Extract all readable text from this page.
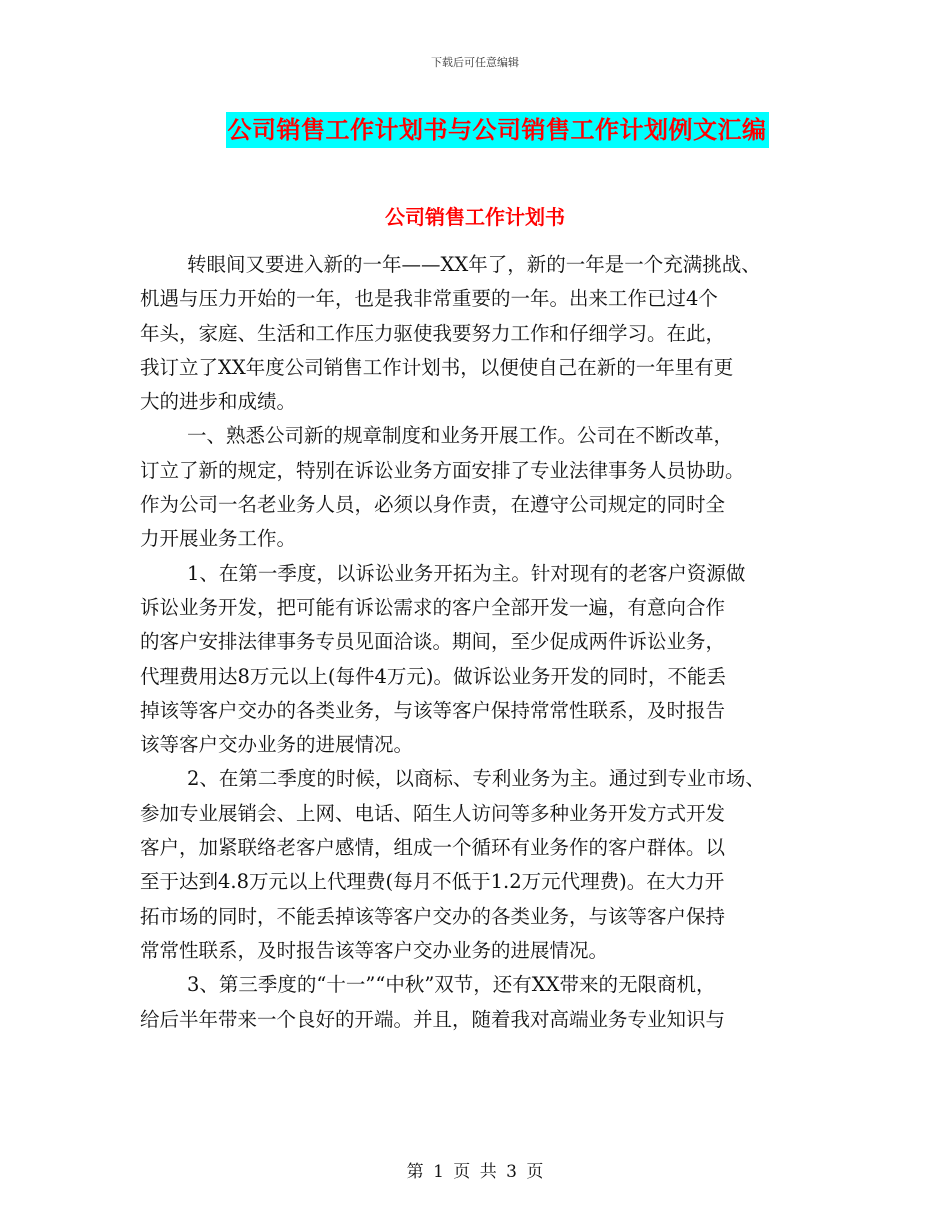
下载后可任意编辑
公司销售工作计划书与公司销售工作计划例文汇编
公司销售工作计划书

转眼间又要进入新的一年——XX年了，新的一年是一个充满挑战、
机遇与压力开始的一年，也是我非常重要的一年。出来工作已过4个
年头，家庭、生活和工作压力驱使我要努力工作和仔细学习。在此，
我订立了XX年度公司销售工作计划书，以便使自己在新的一年里有更
大的进步和成绩。

一、熟悉公司新的规章制度和业务开展工作。公司在不断改革，
订立了新的规定，特别在诉讼业务方面安排了专业法律事务人员协助。
作为公司一名老业务人员，必须以身作责，在遵守公司规定的同时全
力开展业务工作。

1、在第一季度，以诉讼业务开拓为主。针对现有的老客户资源做
诉讼业务开发，把可能有诉讼需求的客户全部开发一遍，有意向合作
的客户安排法律事务专员见面洽谈。期间，至少促成两件诉讼业务，
代理费用达8万元以上(每件4万元)。做诉讼业务开发的同时，不能丢
掉该等客户交办的各类业务，与该等客户保持常常性联系，及时报告
该等客户交办业务的进展情况。

2、在第二季度的时候，以商标、专利业务为主。通过到专业市场、
参加专业展销会、上网、电话、陌生人访问等多种业务开发方式开发
客户，加紧联络老客户感情，组成一个循环有业务作的客户群体。以
至于达到4.8万元以上代理费(每月不低于1.2万元代理费)。在大力开
拓市场的同时，不能丢掉该等客户交办的各类业务，与该等客户保持
常常性联系，及时报告该等客户交办业务的进展情况。

3、第三季度的“十一”“中秋”双节，还有XX带来的无限商机，
给后半年带来一个良好的开端。并且，随着我对高端业务专业知识与

第 1 页 共 3 页
